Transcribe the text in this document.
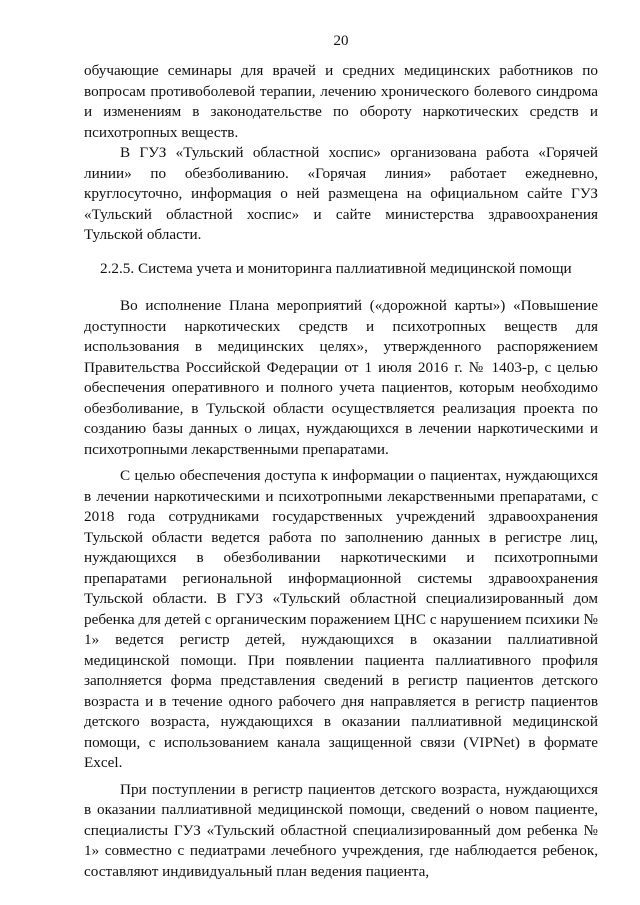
20

обучающие семинары для врачей и средних медицинских работников по вопросам противоболевой терапии, лечению хронического болевого синдрома и изменениям в законодательстве по обороту наркотических средств и психотропных веществ.

В ГУЗ «Тульский областной хоспис» организована работа «Горячей линии» по обезболиванию. «Горячая линия» работает ежедневно, круглосуточно, информация о ней размещена на официальном сайте ГУЗ «Тульский областной хоспис» и сайте министерства здравоохранения Тульской области.

2.2.5. Система учета и мониторинга паллиативной медицинской помощи

Во исполнение Плана мероприятий («дорожной карты») «Повышение доступности наркотических средств и психотропных веществ для использования в медицинских целях», утвержденного распоряжением Правительства Российской Федерации от 1 июля 2016 г. № 1403-р, с целью обеспечения оперативного и полного учета пациентов, которым необходимо обезболивание, в Тульской области осуществляется реализация проекта по созданию базы данных о лицах, нуждающихся в лечении наркотическими и психотропными лекарственными препаратами.

С целью обеспечения доступа к информации о пациентах, нуждающихся в лечении наркотическими и психотропными лекарственными препаратами, с 2018 года сотрудниками государственных учреждений здравоохранения Тульской области ведется работа по заполнению данных в регистре лиц, нуждающихся в обезболивании наркотическими и психотропными препаратами региональной информационной системы здравоохранения Тульской области. В ГУЗ «Тульский областной специализированный дом ребенка для детей с органическим поражением ЦНС с нарушением психики № 1» ведется регистр детей, нуждающихся в оказании паллиативной медицинской помощи. При появлении пациента паллиативного профиля заполняется форма представления сведений в регистр пациентов детского возраста и в течение одного рабочего дня направляется в регистр пациентов детского возраста, нуждающихся в оказании паллиативной медицинской помощи, с использованием канала защищенной связи (VIPNet) в формате Excel.

При поступлении в регистр пациентов детского возраста, нуждающихся в оказании паллиативной медицинской помощи, сведений о новом пациенте, специалисты ГУЗ «Тульский областной специализированный дом ребенка № 1» совместно с педиатрами лечебного учреждения, где наблюдается ребенок, составляют индивидуальный план ведения пациента,
